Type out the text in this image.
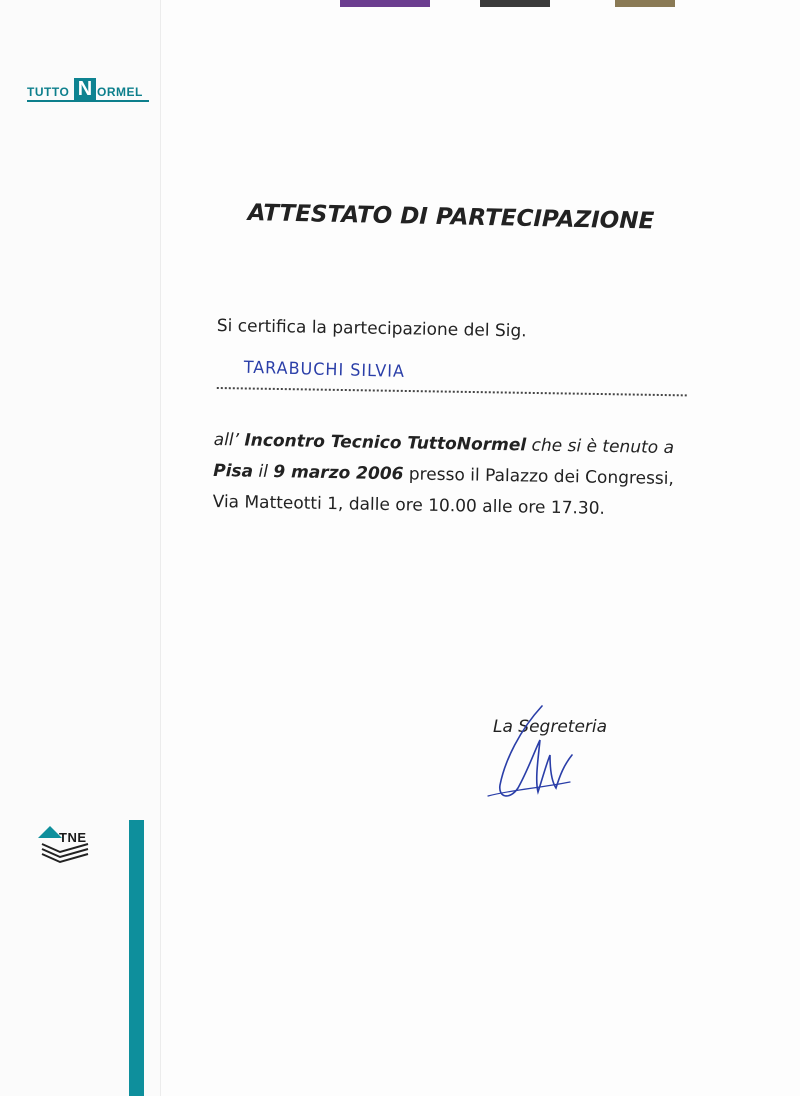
TUTTO N ORMEL
TNE
ATTESTATO DI PARTECIPAZIONE
Si certifica la partecipazione del Sig.
TARABUCHI SILVIA
all’ Incontro Tecnico TuttoNormel che si è tenuto a
Pisa il 9 marzo 2006 presso il Palazzo dei Congressi,
Via Matteotti 1, dalle ore 10.00 alle ore 17.30.
La Segreteria
